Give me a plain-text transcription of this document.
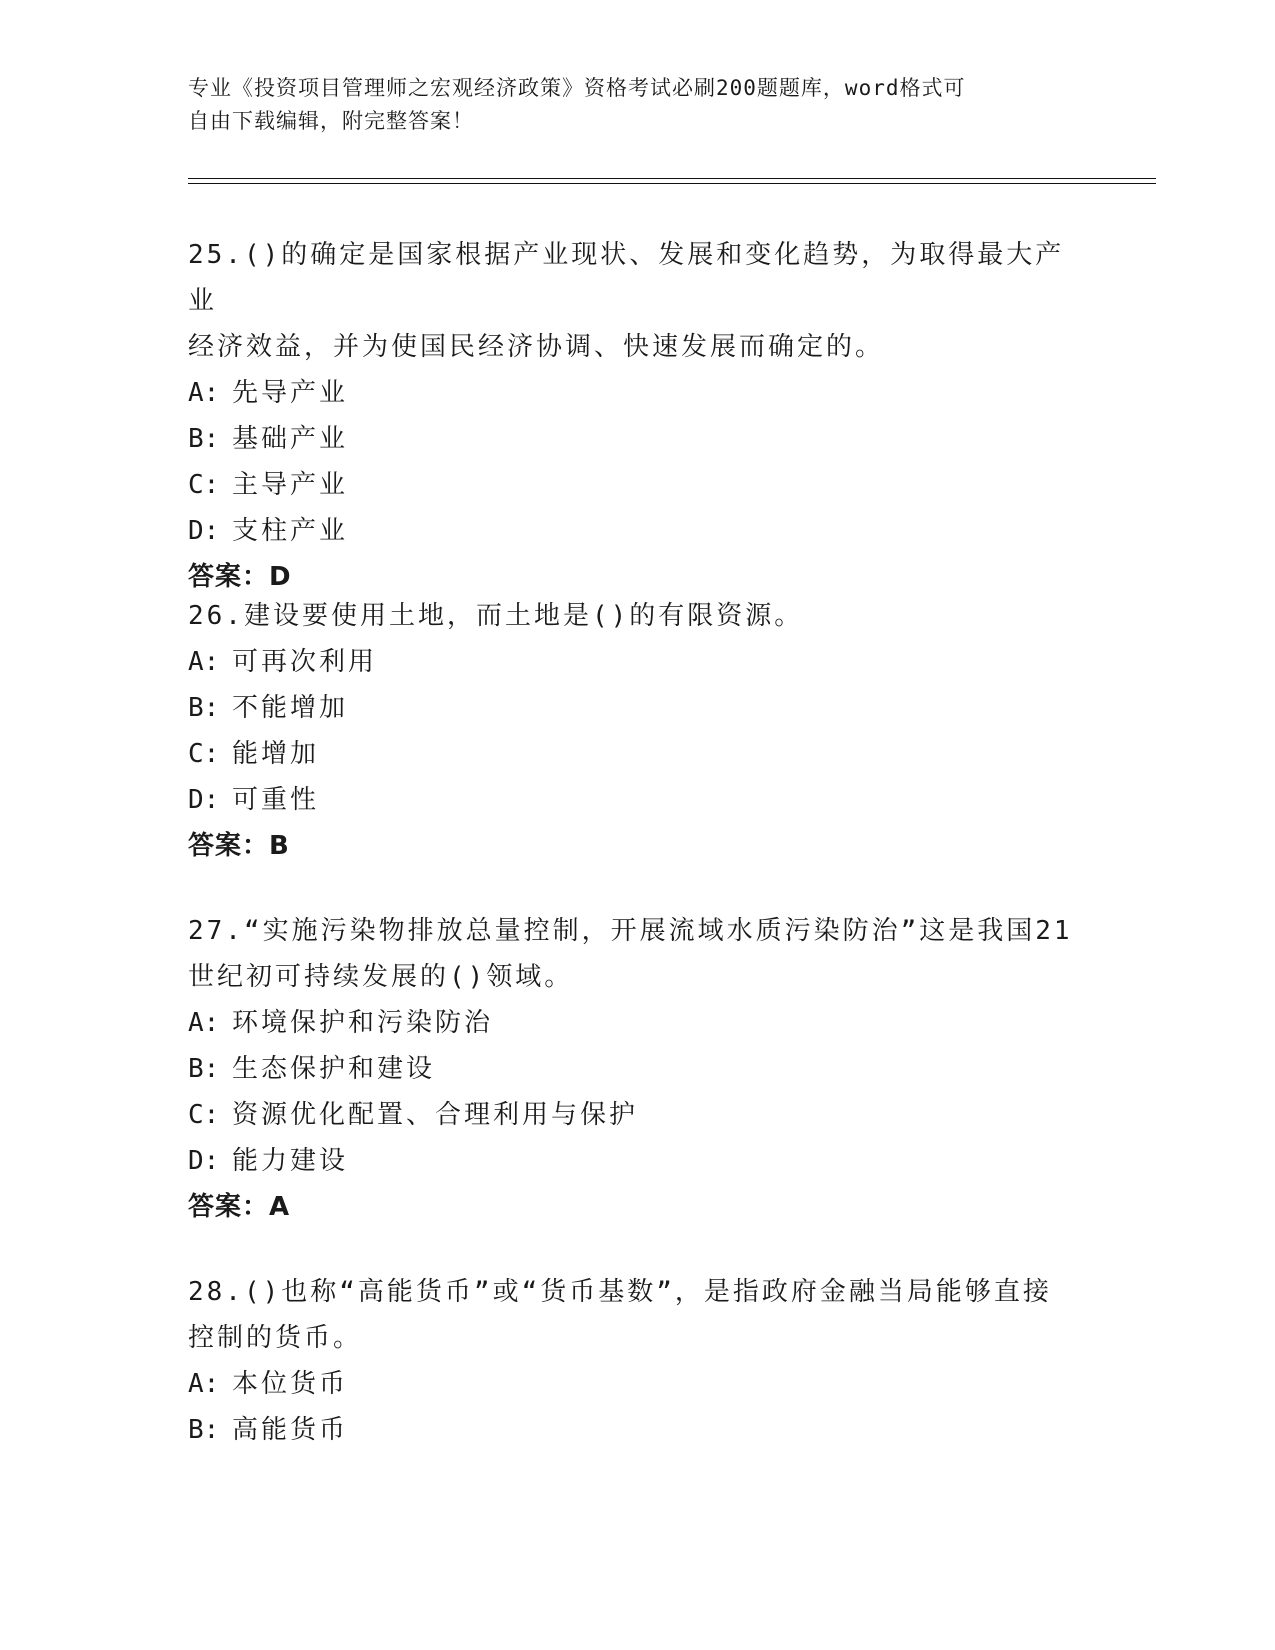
专业《投资项目管理师之宏观经济政策》资格考试必刷200题题库，word格式可
自由下载编辑，附完整答案！
25.()的确定是国家根据产业现状、发展和变化趋势，为取得最大产业
经济效益，并为使国民经济协调、快速发展而确定的。
A: 先导产业
B: 基础产业
C: 主导产业
D: 支柱产业
答案：D
26.建设要使用土地，而土地是()的有限资源。
A: 可再次利用
B: 不能增加
C: 能增加
D: 可重性
答案：B
27.“实施污染物排放总量控制，开展流域水质污染防治”这是我国21
世纪初可持续发展的()领域。
A: 环境保护和污染防治
B: 生态保护和建设
C: 资源优化配置、合理利用与保护
D: 能力建设
答案：A
28.()也称“高能货币”或“货币基数”，是指政府金融当局能够直接
控制的货币。
A: 本位货币
B: 高能货币
